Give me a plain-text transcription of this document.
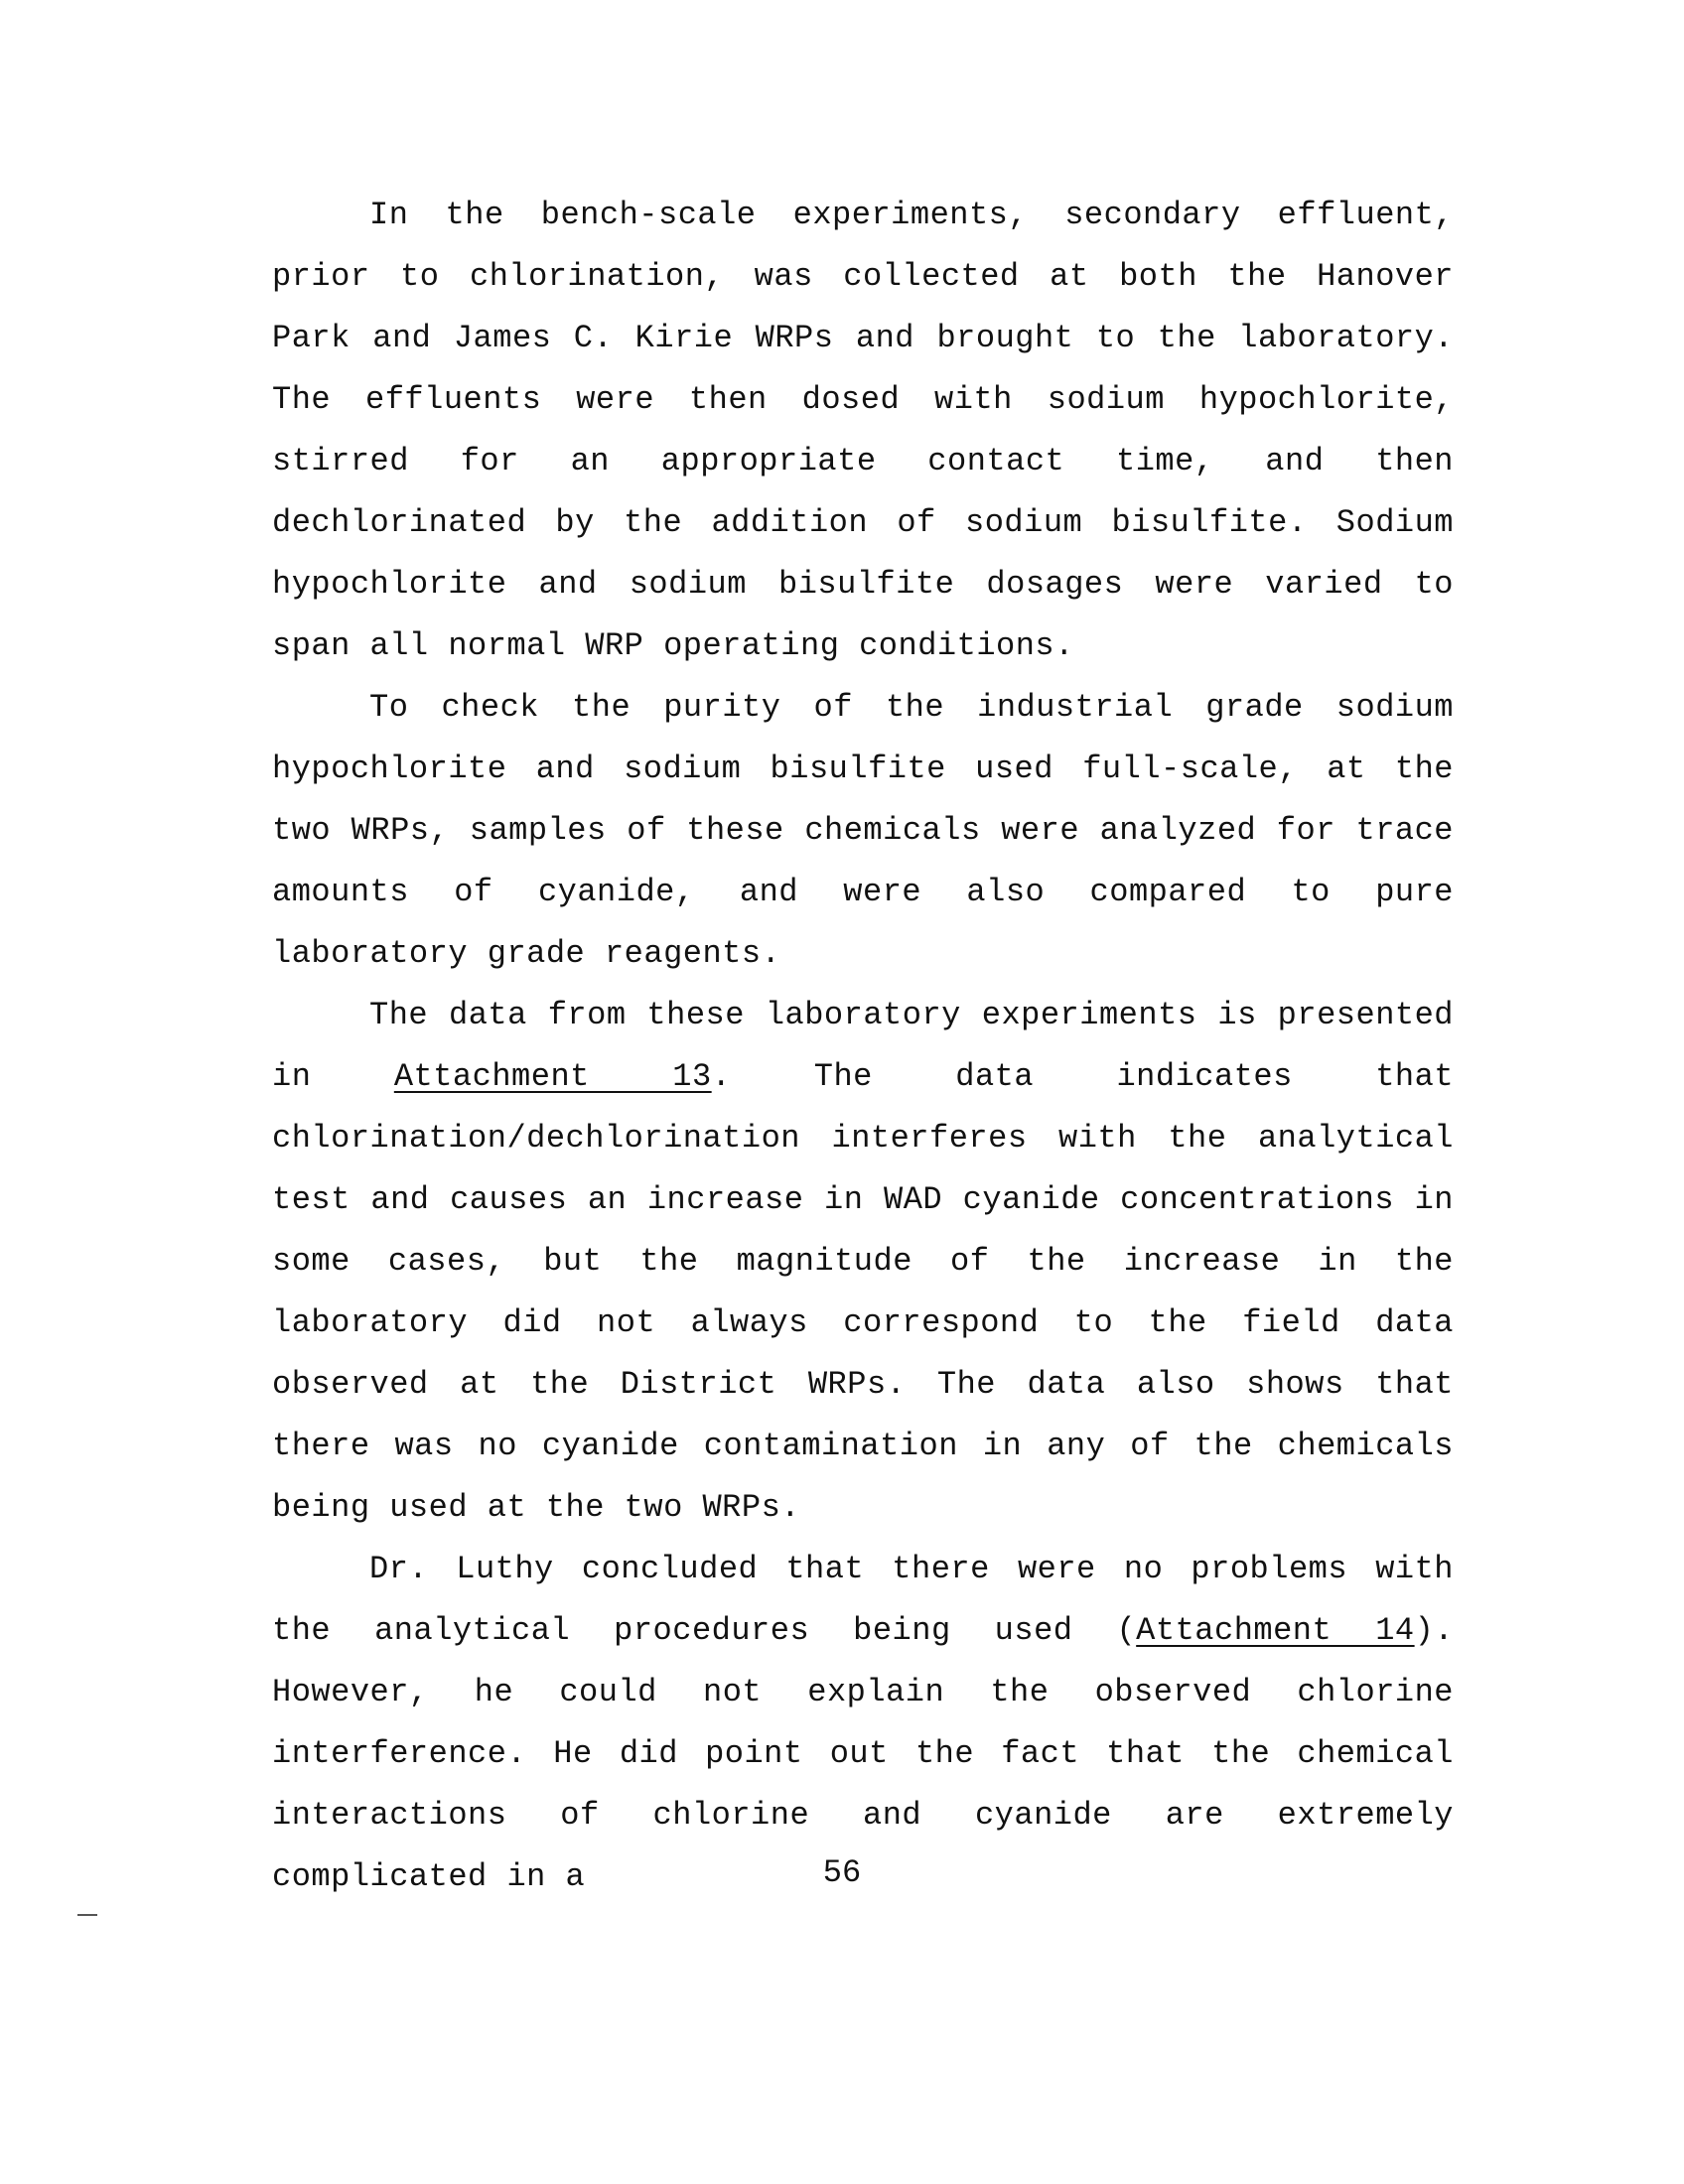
In the bench-scale experiments, secondary effluent, prior to chlorination, was collected at both the Hanover Park and James C. Kirie WRPs and brought to the laboratory. The effluents were then dosed with sodium hypochlorite, stirred for an appropriate contact time, and then dechlorinated by the addition of sodium bisulfite. Sodium hypochlorite and sodium bisulfite dosages were varied to span all normal WRP operating conditions.

To check the purity of the industrial grade sodium hypochlorite and sodium bisulfite used full-scale, at the two WRPs, samples of these chemicals were analyzed for trace amounts of cyanide, and were also compared to pure laboratory grade reagents.

The data from these laboratory experiments is presented in Attachment 13. The data indicates that chlorination/dechlorination interferes with the analytical test and causes an increase in WAD cyanide concentrations in some cases, but the magnitude of the increase in the laboratory did not always correspond to the field data observed at the District WRPs. The data also shows that there was no cyanide contamination in any of the chemicals being used at the two WRPs.

Dr. Luthy concluded that there were no problems with the analytical procedures being used (Attachment 14). However, he could not explain the observed chlorine interference. He did point out the fact that the chemical interactions of chlorine and cyanide are extremely complicated in a	56
